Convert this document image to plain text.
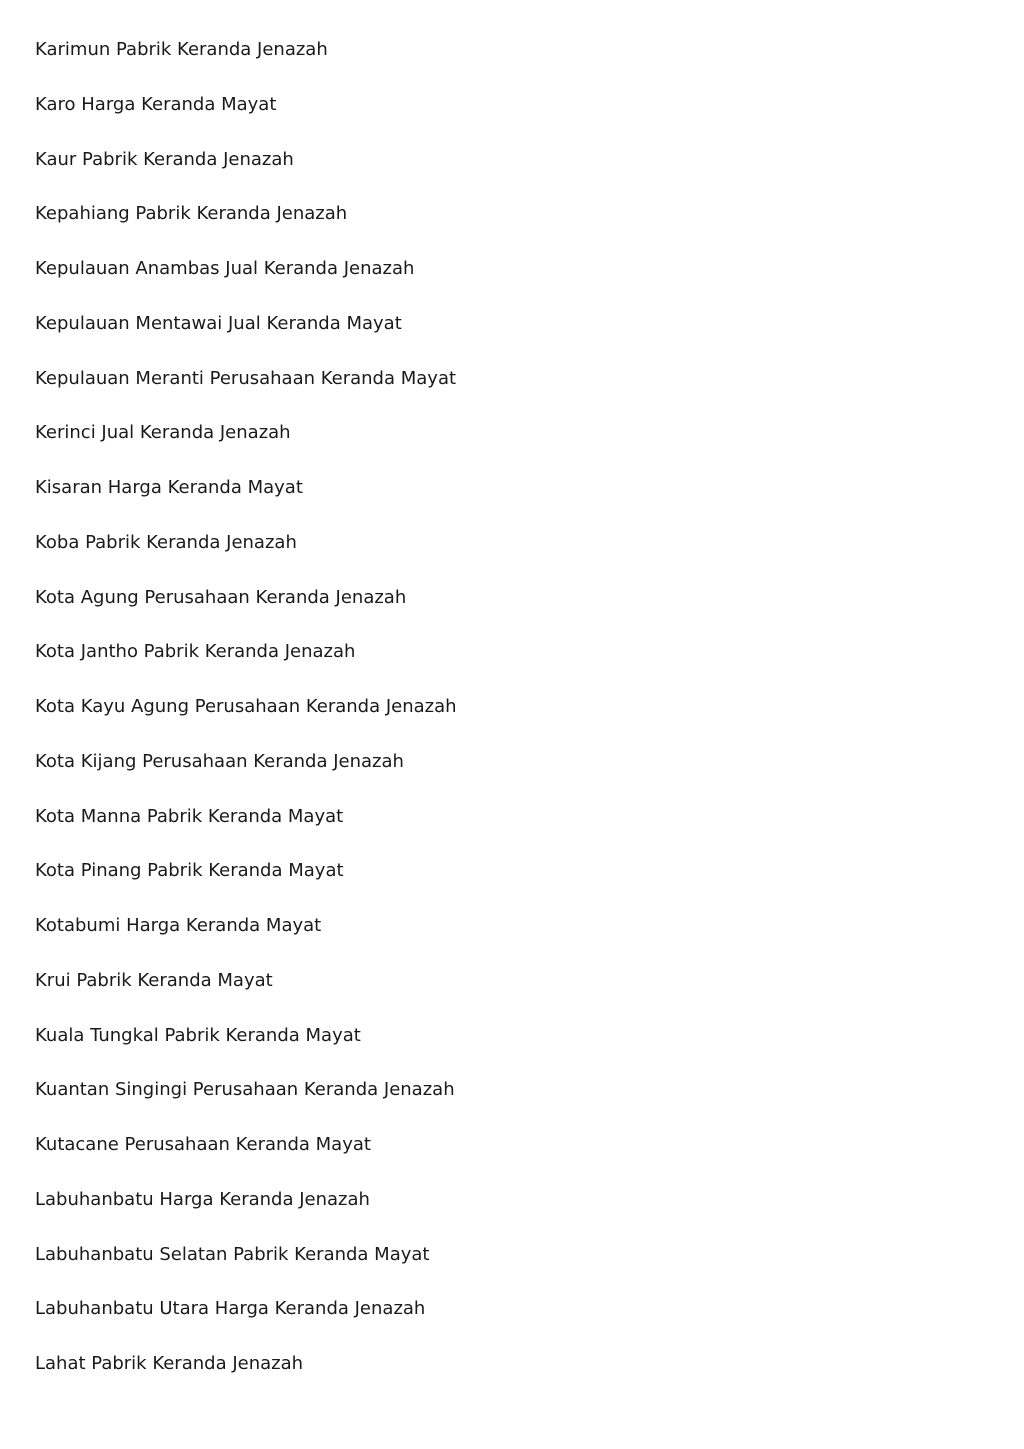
Karimun Pabrik Keranda Jenazah
Karo Harga Keranda Mayat
Kaur Pabrik Keranda Jenazah
Kepahiang Pabrik Keranda Jenazah
Kepulauan Anambas Jual Keranda Jenazah
Kepulauan Mentawai Jual Keranda Mayat
Kepulauan Meranti Perusahaan Keranda Mayat
Kerinci Jual Keranda Jenazah
Kisaran Harga Keranda Mayat
Koba Pabrik Keranda Jenazah
Kota Agung Perusahaan Keranda Jenazah
Kota Jantho Pabrik Keranda Jenazah
Kota Kayu Agung Perusahaan Keranda Jenazah
Kota Kijang Perusahaan Keranda Jenazah
Kota Manna Pabrik Keranda Mayat
Kota Pinang Pabrik Keranda Mayat
Kotabumi Harga Keranda Mayat
Krui Pabrik Keranda Mayat
Kuala Tungkal Pabrik Keranda Mayat
Kuantan Singingi Perusahaan Keranda Jenazah
Kutacane Perusahaan Keranda Mayat
Labuhanbatu Harga Keranda Jenazah
Labuhanbatu Selatan Pabrik Keranda Mayat
Labuhanbatu Utara Harga Keranda Jenazah
Lahat Pabrik Keranda Jenazah
